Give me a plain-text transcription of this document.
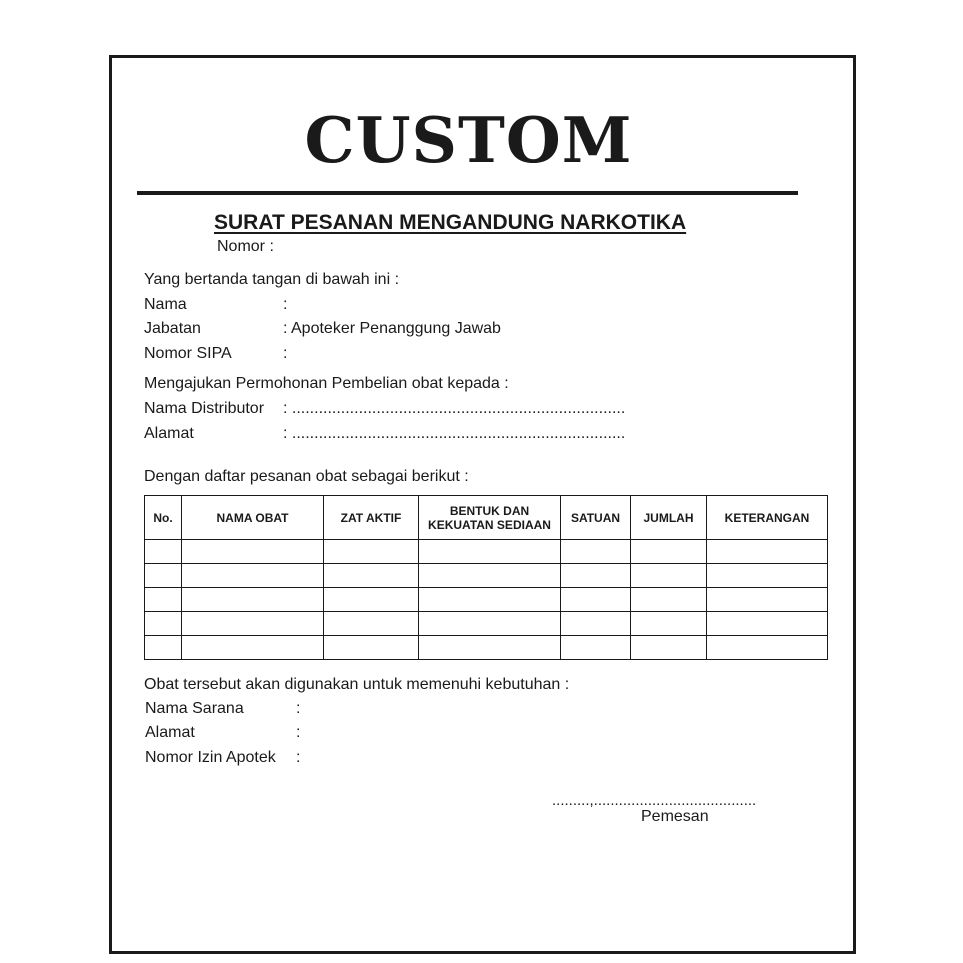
CUSTOM
SURAT PESANAN MENGANDUNG NARKOTIKA
Nomor :
Yang bertanda tangan di bawah ini :
Nama	:
Jabatan	: Apoteker Penanggung Jawab
Nomor SIPA	:
Mengajukan Permohonan Pembelian obat kepada :
Nama Distributor : ...........................................................................
Alamat	: ...........................................................................
Dengan daftar pesanan obat sebagai berikut :
No.	NAMA OBAT	ZAT AKTIF	BENTUK DAN KEKUATAN SEDIAAN	SATUAN	JUMLAH	KETERANGAN

Obat tersebut akan digunakan untuk memenuhi kebutuhan :
Nama Sarana	:
Alamat	:
Nomor Izin Apotek :
.........,.......................................
Pemesan
